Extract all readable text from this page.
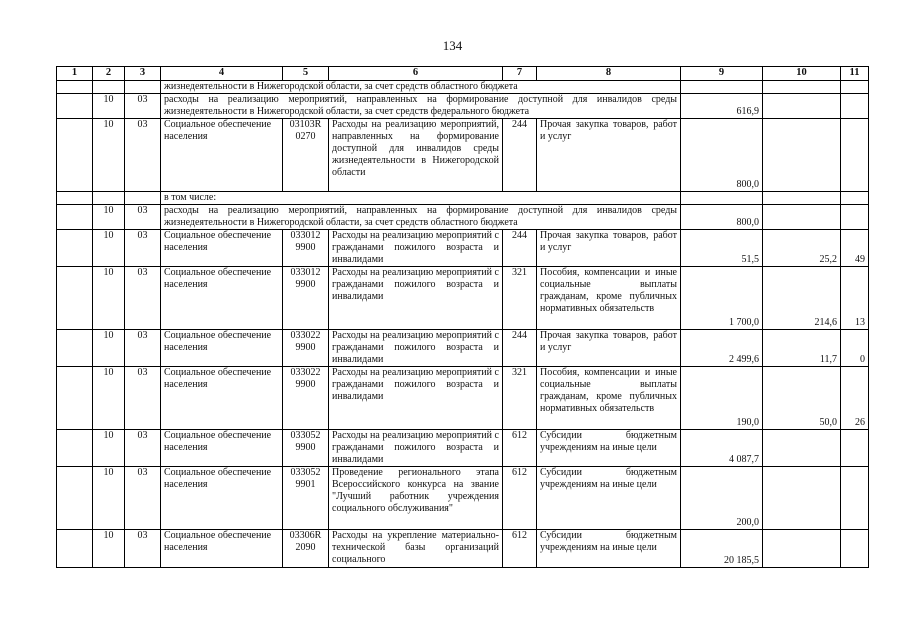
134
1	2	3	4	5	6	7	8	9	10	11
			жизнедеятельности в Нижегородской области, за счет средств областного бюджета							
	10	03	расходы на реализацию мероприятий, направленных на формирование доступной для инвалидов среды жизнедеятельности в Нижегородской области, за счет средств федерального бюджета					616,9		
	10	03	Социальное обеспечение населения	03103R 0270	Расходы на реализацию мероприятий, направленных на формирование доступной для инвалидов среды жизнедеятельности в Нижегородской области	244	Прочая закупка товаров, работ и услуг	800,0		
			в том числе:							
	10	03	расходы на реализацию мероприятий, направленных на формирование доступной для инвалидов среды жизнедеятельности в Нижегородской области, за счет средств областного бюджета					800,0		
	10	03	Социальное обеспечение населения	033012 9900	Расходы на реализацию мероприятий с гражданами пожилого возраста и инвалидами	244	Прочая закупка товаров, работ и услуг	51,5	25,2	49
	10	03	Социальное обеспечение населения	033012 9900	Расходы на реализацию мероприятий с гражданами пожилого возраста и инвалидами	321	Пособия, компенсации и иные социальные выплаты гражданам, кроме публичных нормативных обязательств	1 700,0	214,6	13
	10	03	Социальное обеспечение населения	033022 9900	Расходы на реализацию мероприятий с гражданами пожилого возраста и инвалидами	244	Прочая закупка товаров, работ и услуг	2 499,6	11,7	0
	10	03	Социальное обеспечение населения	033022 9900	Расходы на реализацию мероприятий с гражданами пожилого возраста и инвалидами	321	Пособия, компенсации и иные социальные выплаты гражданам, кроме публичных нормативных обязательств	190,0	50,0	26
	10	03	Социальное обеспечение населения	033052 9900	Расходы на реализацию мероприятий с гражданами пожилого возраста и инвалидами	612	Субсидии бюджетным учреждениям на иные цели	4 087,7		
	10	03	Социальное обеспечение населения	033052 9901	Проведение регионального этапа Всероссийского конкурса на звание "Лучший работник учреждения социального обслуживания"	612	Субсидии бюджетным учреждениям на иные цели	200,0		
	10	03	Социальное обеспечение населения	03306R 2090	Расходы на укрепление материально-технической базы организаций социального	612	Субсидии бюджетным учреждениям на иные цели	20 185,5		
